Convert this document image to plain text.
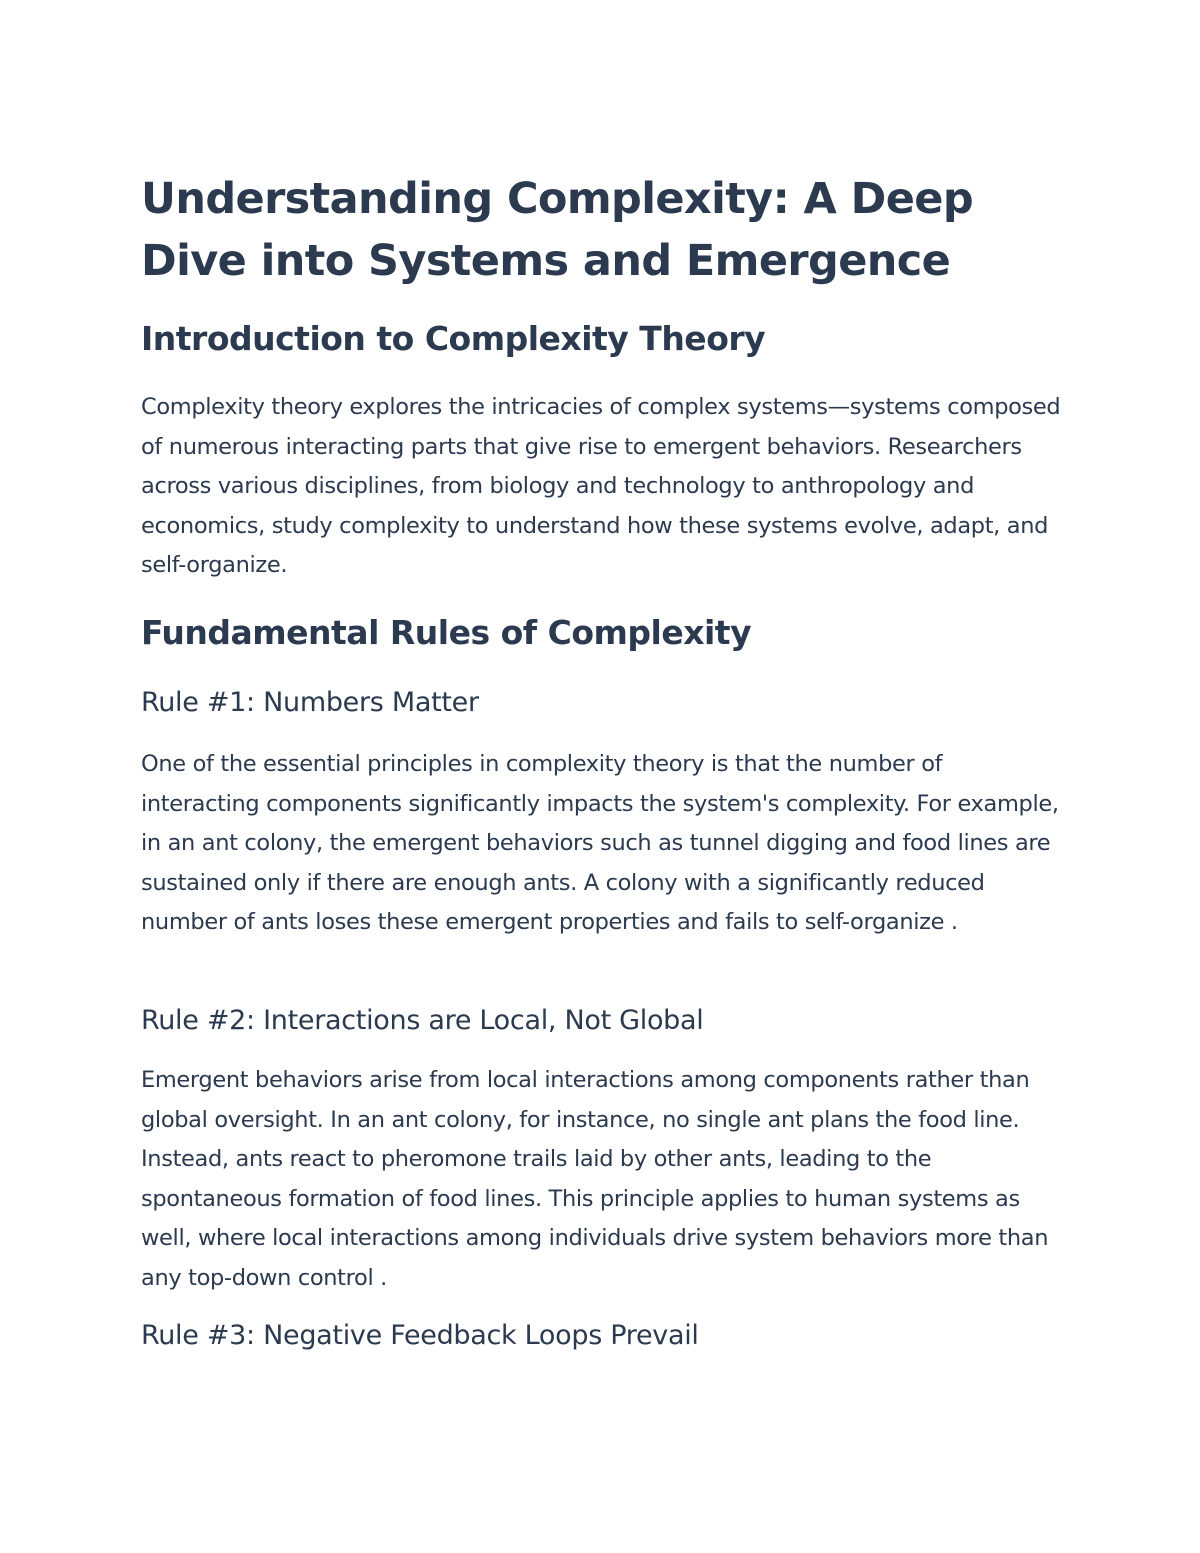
Understanding Complexity: A Deep Dive into Systems and Emergence
Introduction to Complexity Theory

Complexity theory explores the intricacies of complex systems—systems composed of numerous interacting parts that give rise to emergent behaviors. Researchers across various disciplines, from biology and technology to anthropology and economics, study complexity to understand how these systems evolve, adapt, and self-organize.

Fundamental Rules of Complexity
Rule #1: Numbers Matter

One of the essential principles in complexity theory is that the number of interacting components significantly impacts the system's complexity. For example, in an ant colony, the emergent behaviors such as tunnel digging and food lines are sustained only if there are enough ants. A colony with a significantly reduced number of ants loses these emergent properties and fails to self-organize .

Rule #2: Interactions are Local, Not Global

Emergent behaviors arise from local interactions among components rather than global oversight. In an ant colony, for instance, no single ant plans the food line. Instead, ants react to pheromone trails laid by other ants, leading to the spontaneous formation of food lines. This principle applies to human systems as well, where local interactions among individuals drive system behaviors more than any top-down control .

Rule #3: Negative Feedback Loops Prevail
